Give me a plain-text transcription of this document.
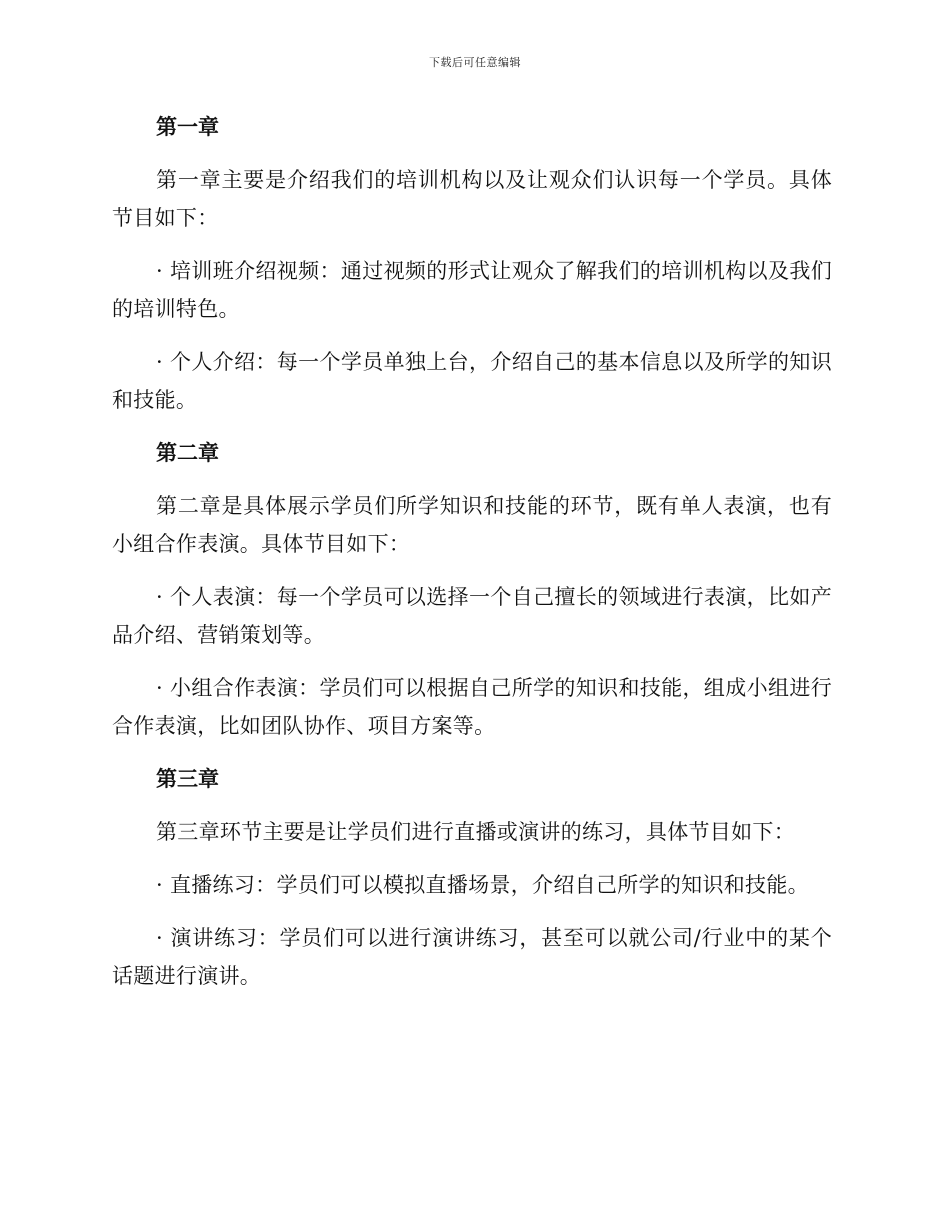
下载后可任意编辑
第一章

第一章主要是介绍我们的培训机构以及让观众们认识每一个学员。具体节目如下：

· 培训班介绍视频：通过视频的形式让观众了解我们的培训机构以及我们的培训特色。

· 个人介绍：每一个学员单独上台，介绍自己的基本信息以及所学的知识和技能。

第二章

第二章是具体展示学员们所学知识和技能的环节，既有单人表演，也有小组合作表演。具体节目如下：

· 个人表演：每一个学员可以选择一个自己擅长的领域进行表演，比如产品介绍、营销策划等。

· 小组合作表演：学员们可以根据自己所学的知识和技能，组成小组进行合作表演，比如团队协作、项目方案等。

第三章

第三章环节主要是让学员们进行直播或演讲的练习，具体节目如下：

· 直播练习：学员们可以模拟直播场景，介绍自己所学的知识和技能。

· 演讲练习：学员们可以进行演讲练习，甚至可以就公司/行业中的某个话题进行演讲。
